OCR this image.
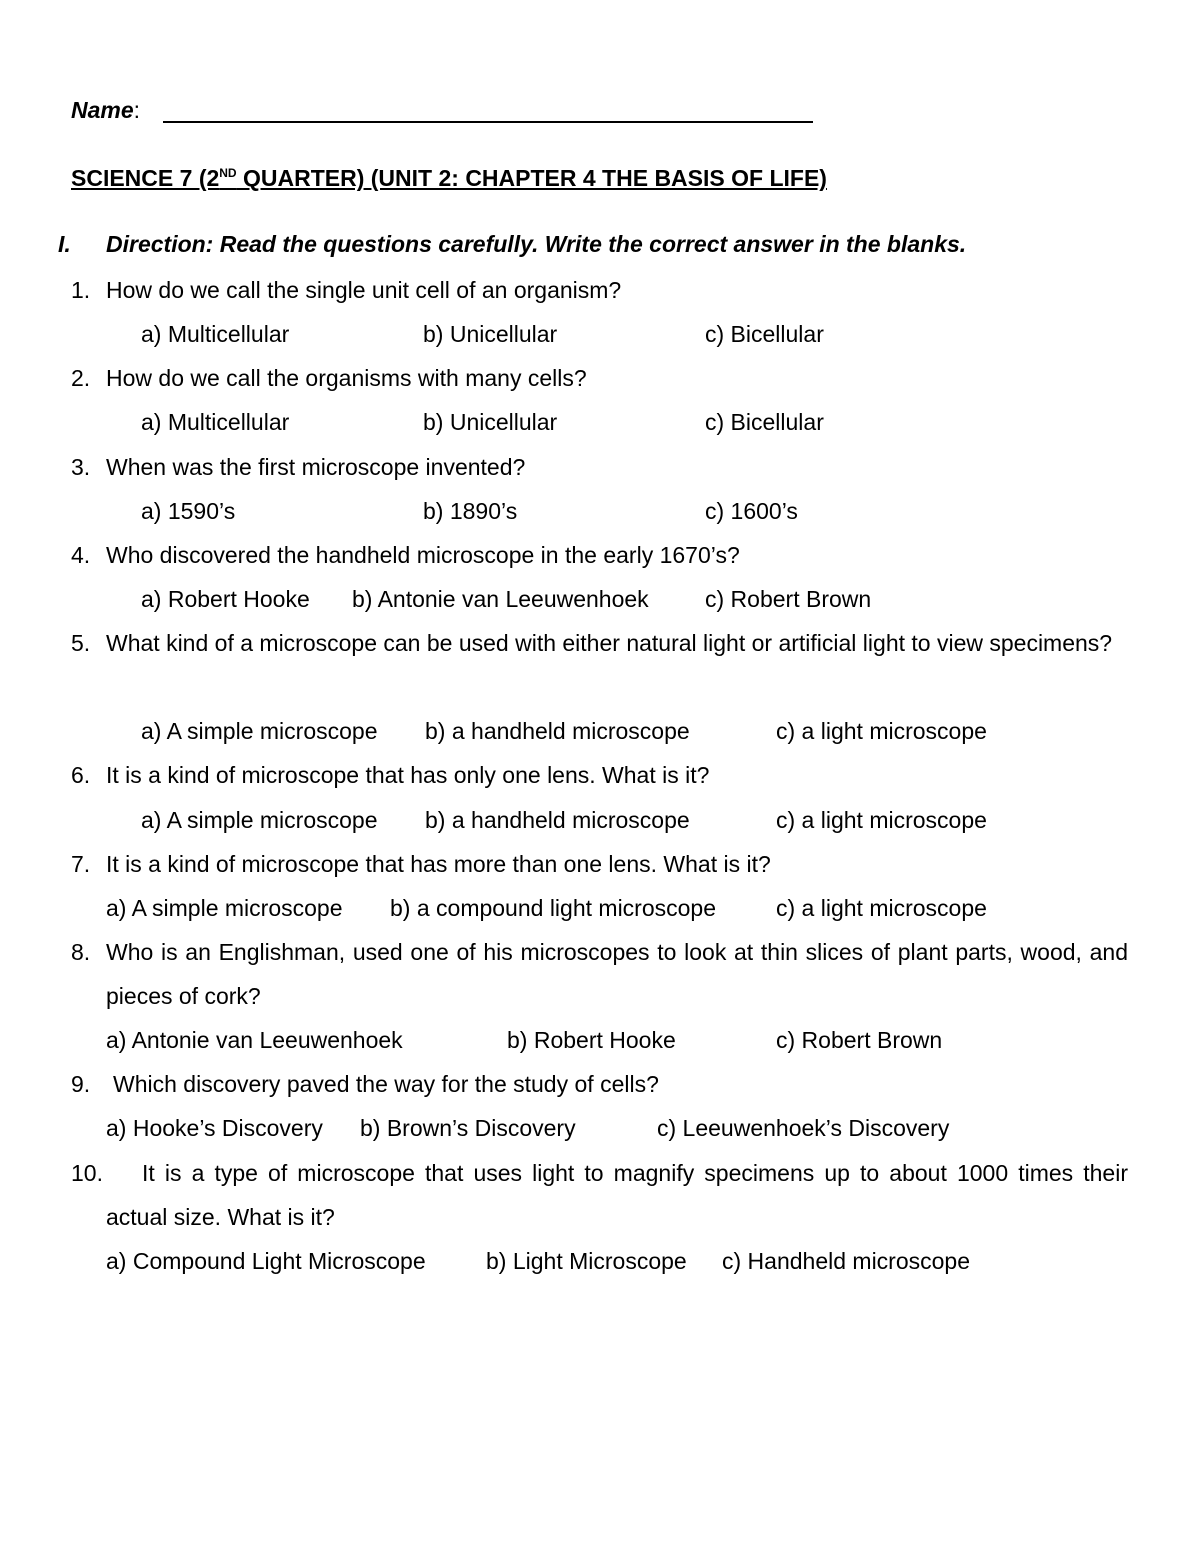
Name:
SCIENCE 7 (2ND QUARTER) (UNIT 2: CHAPTER 4 THE BASIS OF LIFE)
I. Direction: Read the questions carefully. Write the correct answer in the blanks.
1. How do we call the single unit cell of an organism?
a) Multicellular	b) Unicellular	c) Bicellular
2. How do we call the organisms with many cells?
a) Multicellular	b) Unicellular	c) Bicellular
3. When was the first microscope invented?
a) 1590’s	b) 1890’s	c) 1600’s
4. Who discovered the handheld microscope in the early 1670’s?
a) Robert Hooke b) Antonie van Leeuwenhoek c) Robert Brown
5. What kind of a microscope can be used with either natural light or artificial light to view specimens?
a) A simple microscope b) a handheld microscope	c) a light microscope
6. It is a kind of microscope that has only one lens. What is it?
a) A simple microscope b) a handheld microscope	c) a light microscope
7. It is a kind of microscope that has more than one lens. What is it?
a) A simple microscope b) a compound light microscope	c) a light microscope
8. Who is an Englishman, used one of his microscopes to look at thin slices of plant parts, wood, and pieces of cork?
a) Antonie van Leeuwenhoek	b) Robert Hooke	c) Robert Brown
9. Which discovery paved the way for the study of cells?
a) Hooke’s Discovery b) Brown’s Discovery	c) Leeuwenhoek’s Discovery
10.	It is a type of microscope that uses light to magnify specimens up to about 1000 times their actual size. What is it?
a) Compound Light Microscope	b) Light Microscope c) Handheld microscope
